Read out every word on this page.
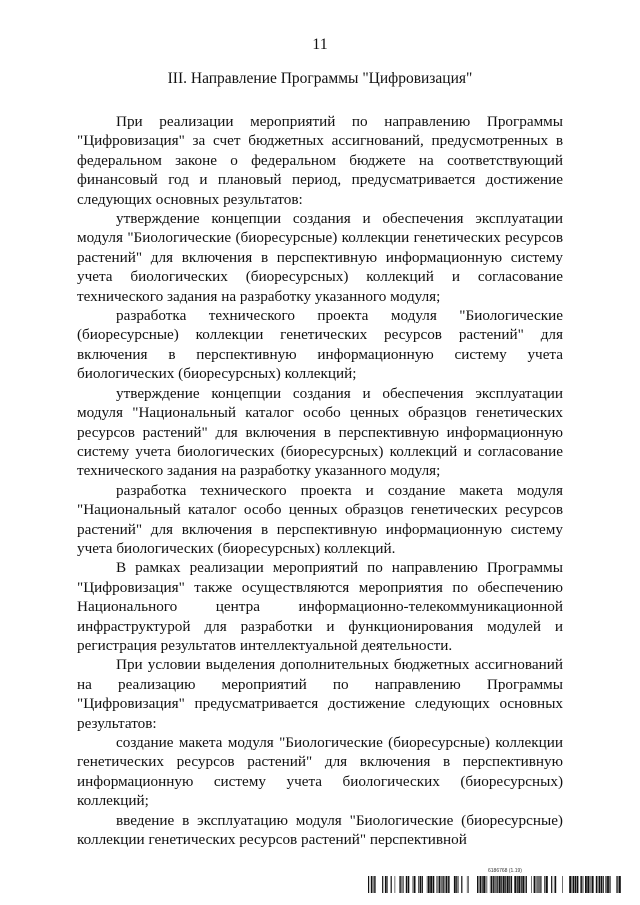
11
III. Направление Программы "Цифровизация"

При реализации мероприятий по направлению Программы "Цифровизация" за счет бюджетных ассигнований, предусмотренных в федеральном законе о федеральном бюджете на соответствующий финансовый год и плановый период, предусматривается достижение следующих основных результатов:

утверждение концепции создания и обеспечения эксплуатации модуля "Биологические (биоресурсные) коллекции генетических ресурсов растений" для включения в перспективную информационную систему учета биологических (биоресурсных) коллекций и согласование технического задания на разработку указанного модуля;

разработка технического проекта модуля "Биологические (биоресурсные) коллекции генетических ресурсов растений" для включения в перспективную информационную систему учета биологических (биоресурсных) коллекций;

утверждение концепции создания и обеспечения эксплуатации модуля "Национальный каталог особо ценных образцов генетических ресурсов растений" для включения в перспективную информационную систему учета биологических (биоресурсных) коллекций и согласование технического задания на разработку указанного модуля;

разработка технического проекта и создание макета модуля "Национальный каталог особо ценных образцов генетических ресурсов растений" для включения в перспективную информационную систему учета биологических (биоресурсных) коллекций.

В рамках реализации мероприятий по направлению Программы "Цифровизация" также осуществляются мероприятия по обеспечению Национального центра информационно-телекоммуникационной инфраструктурой для разработки и функционирования модулей и регистрация результатов интеллектуальной деятельности.

При условии выделения дополнительных бюджетных ассигнований на реализацию мероприятий по направлению Программы "Цифровизация" предусматривается достижение следующих основных результатов:

создание макета модуля "Биологические (биоресурсные) коллекции генетических ресурсов растений" для включения в перспективную информационную систему учета биологических (биоресурсных) коллекций;

введение в эксплуатацию модуля "Биологические (биоресурсные) коллекции генетических ресурсов растений" перспективной

6186768 (1.19)
